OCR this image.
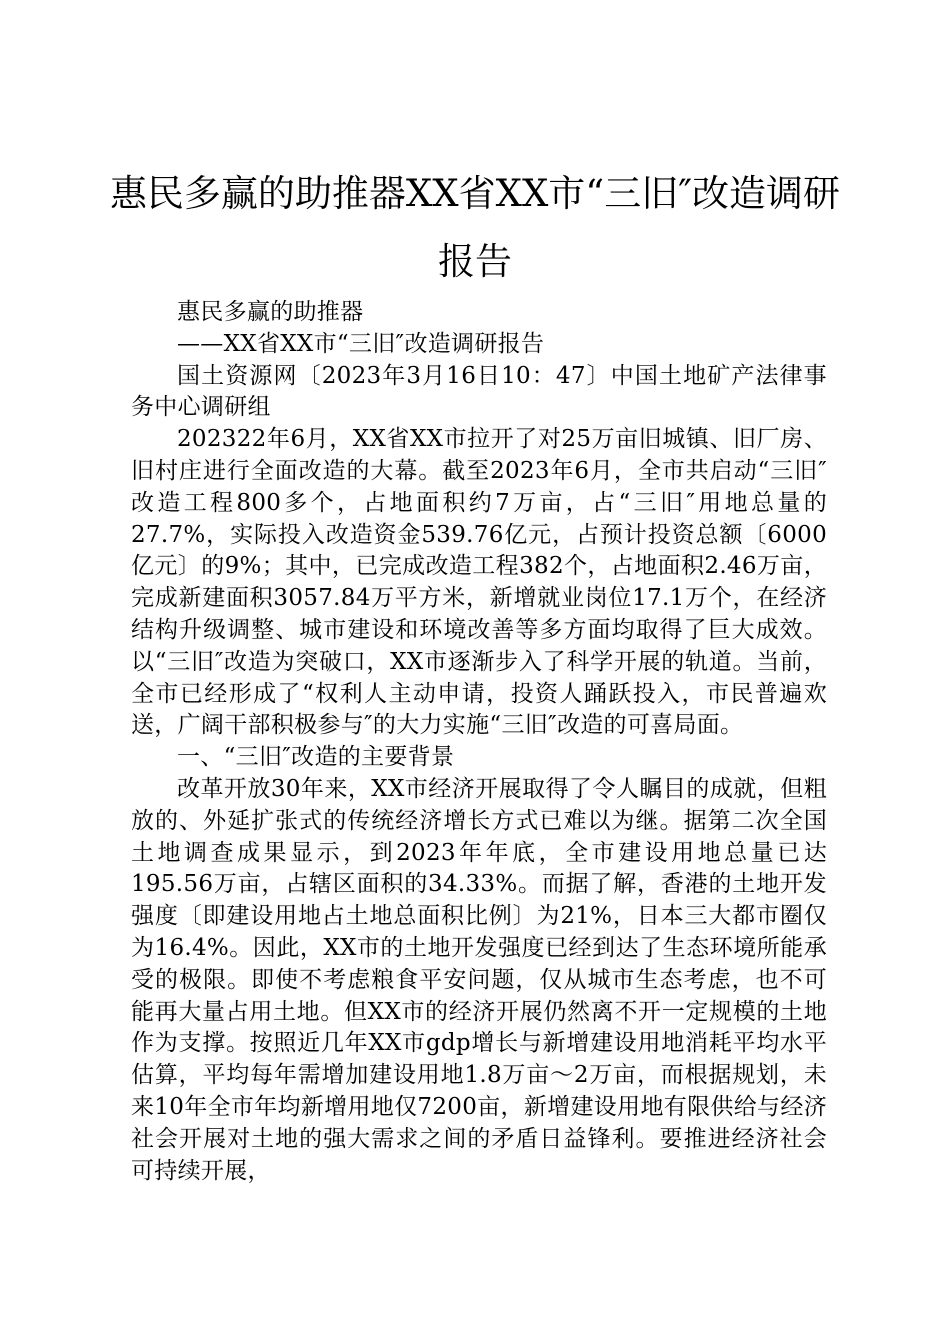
惠民多赢的助推器XX省XX市“三旧″改造调研报告

惠民多赢的助推器

——XX省XX市“三旧″改造调研报告

国土资源网〔2023年3月16日10：47〕中国土地矿产法律事务中心调研组

202322年6月，XX省XX市拉开了对25万亩旧城镇、旧厂房、旧村庄进行全面改造的大幕。截至2023年6月，全市共启动“三旧″改造工程800多个，占地面积约7万亩，占“三旧″用地总量的27.7%，实际投入改造资金539.76亿元，占预计投资总额〔6000亿元〕的9%；其中，已完成改造工程382个，占地面积2.46万亩，完成新建面积3057.84万平方米，新增就业岗位17.1万个，在经济结构升级调整、城市建设和环境改善等多方面均取得了巨大成效。以“三旧″改造为突破口，XX市逐渐步入了科学开展的轨道。当前，全市已经形成了“权利人主动申请，投资人踊跃投入，市民普遍欢送，广阔干部积极参与″的大力实施“三旧″改造的可喜局面。

一、“三旧″改造的主要背景

改革开放30年来，XX市经济开展取得了令人瞩目的成就，但粗放的、外延扩张式的传统经济增长方式已难以为继。据第二次全国土地调查成果显示，到2023年年底，全市建设用地总量已达195.56万亩，占辖区面积的34.33%。而据了解，香港的土地开发强度〔即建设用地占土地总面积比例〕为21%，日本三大都市圈仅为16.4%。因此，XX市的土地开发强度已经到达了生态环境所能承受的极限。即使不考虑粮食平安问题，仅从城市生态考虑，也不可能再大量占用土地。但XX市的经济开展仍然离不开一定规模的土地作为支撑。按照近几年XX市gdp增长与新增建设用地消耗平均水平估算，平均每年需增加建设用地1.8万亩～2万亩，而根据规划，未来10年全市年均新增用地仅7200亩，新增建设用地有限供给与经济社会开展对土地的强大需求之间的矛盾日益锋利。要推进经济社会可持续开展，
